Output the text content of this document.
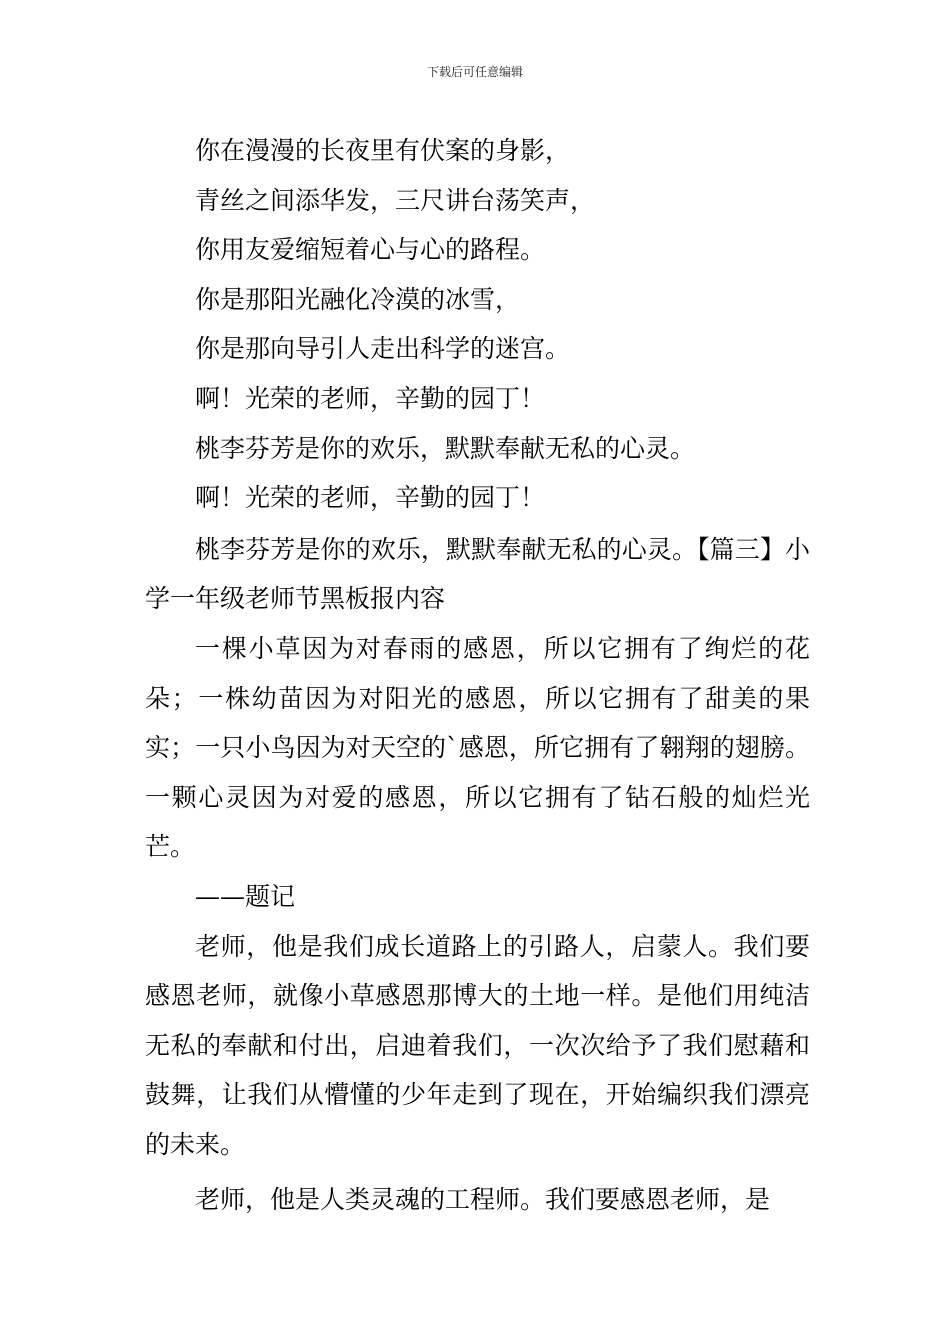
下载后可任意编辑

你在漫漫的长夜里有伏案的身影，

青丝之间添华发，三尺讲台荡笑声，

你用友爱缩短着心与心的路程。

你是那阳光融化冷漠的冰雪，

你是那向导引人走出科学的迷宫。

啊！光荣的老师，辛勤的园丁！

桃李芬芳是你的欢乐，默默奉献无私的心灵。

啊！光荣的老师，辛勤的园丁！

桃李芬芳是你的欢乐，默默奉献无私的心灵。【篇三】小学一年级老师节黑板报内容

一棵小草因为对春雨的感恩，所以它拥有了绚烂的花朵；一株幼苗因为对阳光的感恩，所以它拥有了甜美的果实；一只小鸟因为对天空的`感恩，所它拥有了翱翔的翅膀。一颗心灵因为对爱的感恩，所以它拥有了钻石般的灿烂光芒。

——题记

老师，他是我们成长道路上的引路人，启蒙人。我们要感恩老师，就像小草感恩那博大的土地一样。是他们用纯洁无私的奉献和付出，启迪着我们，一次次给予了我们慰藉和鼓舞，让我们从懵懂的少年走到了现在，开始编织我们漂亮的未来。

老师，他是人类灵魂的工程师。我们要感恩老师，是
